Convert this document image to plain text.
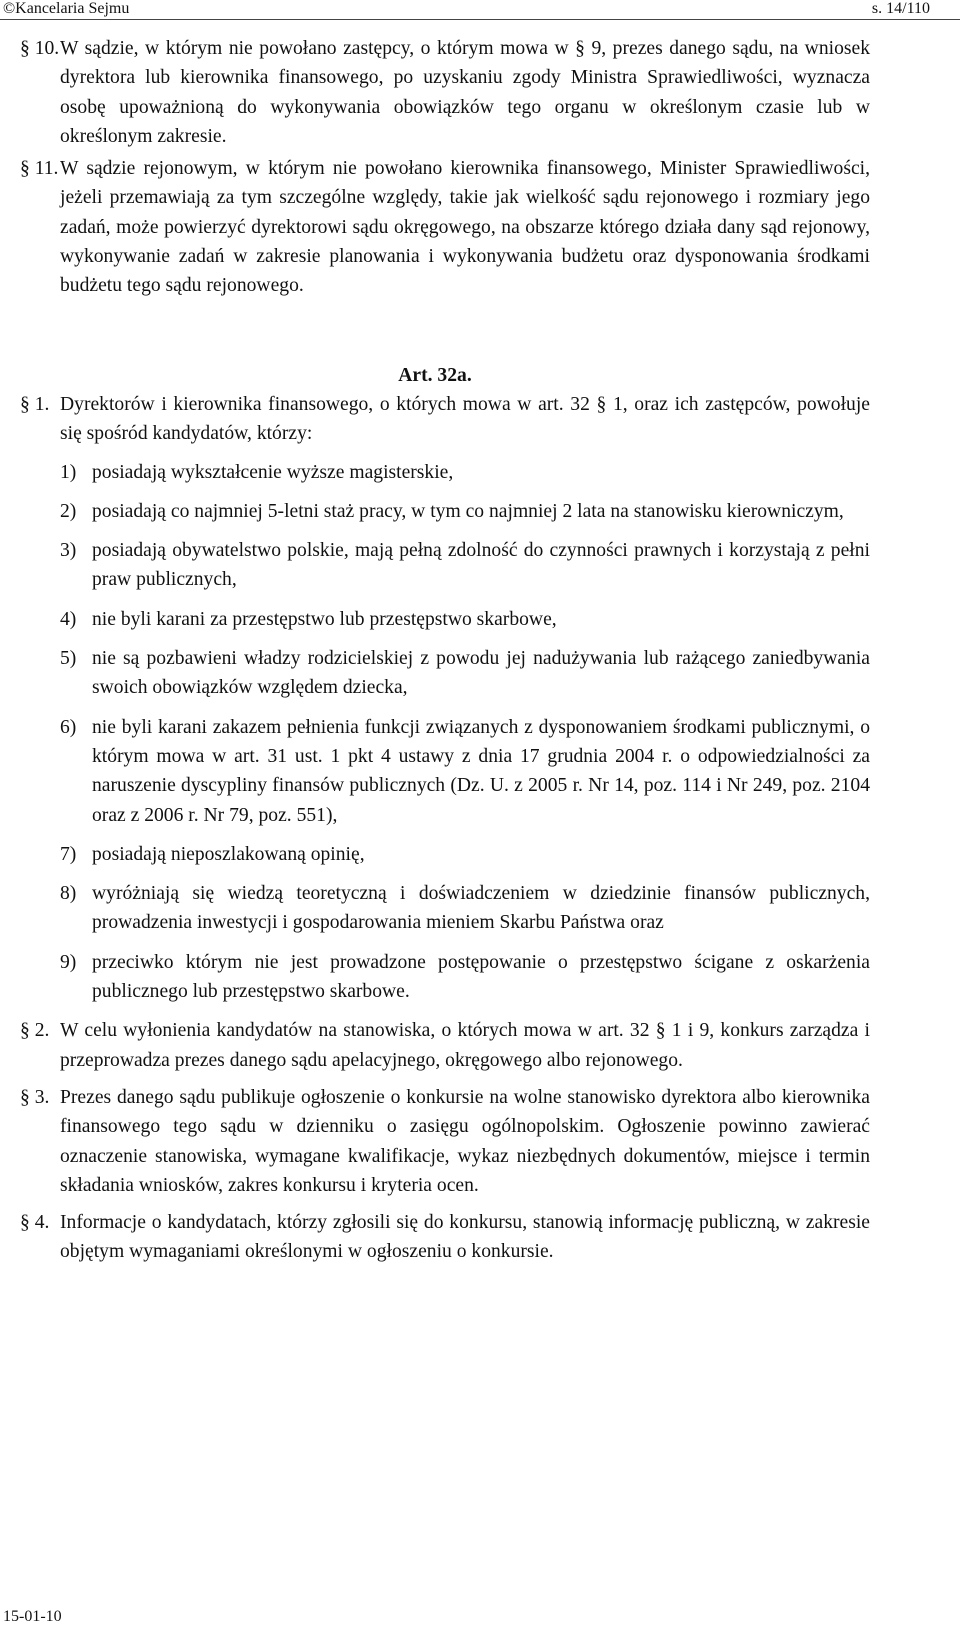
©Kancelaria Sejmu	s. 14/110

§ 10. W sądzie, w którym nie powołano zastępcy, o którym mowa w § 9, prezes danego sądu, na wniosek dyrektora lub kierownika finansowego, po uzyskaniu zgody Ministra Sprawiedliwości, wyznacza osobę upoważnioną do wykonywania obowiązków tego organu w określonym czasie lub w określonym zakresie.

§ 11. W sądzie rejonowym, w którym nie powołano kierownika finansowego, Minister Sprawiedliwości, jeżeli przemawiają za tym szczególne względy, takie jak wielkość sądu rejonowego i rozmiary jego zadań, może powierzyć dyrektorowi sądu okręgowego, na obszarze którego działa dany sąd rejonowy, wykonywanie zadań w zakresie planowania i wykonywania budżetu oraz dysponowania środkami budżetu tego sądu rejonowego.

Art. 32a.

§ 1. Dyrektorów i kierownika finansowego, o których mowa w art. 32 § 1, oraz ich zastępców, powołuje się spośród kandydatów, którzy:

1) posiadają wykształcenie wyższe magisterskie,
2) posiadają co najmniej 5-letni staż pracy, w tym co najmniej 2 lata na stanowisku kierowniczym,
3) posiadają obywatelstwo polskie, mają pełną zdolność do czynności prawnych i korzystają z pełni praw publicznych,
4) nie byli karani za przestępstwo lub przestępstwo skarbowe,
5) nie są pozbawieni władzy rodzicielskiej z powodu jej nadużywania lub rażącego zaniedbywania swoich obowiązków względem dziecka,
6) nie byli karani zakazem pełnienia funkcji związanych z dysponowaniem środkami publicznymi, o którym mowa w art. 31 ust. 1 pkt 4 ustawy z dnia 17 grudnia 2004 r. o odpowiedzialności za naruszenie dyscypliny finansów publicznych (Dz. U. z 2005 r. Nr 14, poz. 114 i Nr 249, poz. 2104 oraz z 2006 r. Nr 79, poz. 551),
7) posiadają nieposzlakowaną opinię,
8) wyróżniają się wiedzą teoretyczną i doświadczeniem w dziedzinie finansów publicznych, prowadzenia inwestycji i gospodarowania mieniem Skarbu Państwa oraz
9) przeciwko którym nie jest prowadzone postępowanie o przestępstwo ścigane z oskarżenia publicznego lub przestępstwo skarbowe.

§ 2. W celu wyłonienia kandydatów na stanowiska, o których mowa w art. 32 § 1 i 9, konkurs zarządza i przeprowadza prezes danego sądu apelacyjnego, okręgowego albo rejonowego.

§ 3. Prezes danego sądu publikuje ogłoszenie o konkursie na wolne stanowisko dyrektora albo kierownika finansowego tego sądu w dzienniku o zasięgu ogólnopolskim. Ogłoszenie powinno zawierać oznaczenie stanowiska, wymagane kwalifikacje, wykaz niezbędnych dokumentów, miejsce i termin składania wniosków, zakres konkursu i kryteria ocen.

§ 4. Informacje o kandydatach, którzy zgłosili się do konkursu, stanowią informację publiczną, w zakresie objętym wymaganiami określonymi w ogłoszeniu o konkursie.

15-01-10
